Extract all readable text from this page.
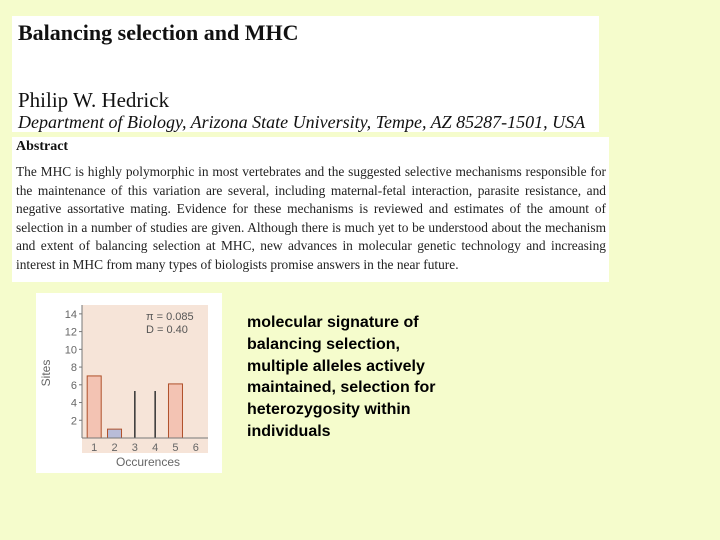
Balancing selection and MHC
Philip W. Hedrick
Department of Biology, Arizona State University, Tempe, AZ 85287-1501, USA
Abstract

The MHC is highly polymorphic in most vertebrates and the suggested selective mechanisms responsible for the maintenance of this variation are several, including maternal-fetal interaction, parasite resistance, and negative assortative mating. Evidence for these mechanisms is reviewed and estimates of the amount of selection in a number of studies are given. Although there is much yet to be understood about the mechanism and extent of balancing selection at MHC, new advances in molecular genetic technology and increasing interest in MHC from many types of biologists promise answers in the near future.

2
4
6
8
10
12
14
1 2 3 4 5 6
π = 0.085
D = 0.40
Occurences
Sites

molecular signature of balancing selection, multiple alleles actively maintained, selection for heterozygosity within individuals
